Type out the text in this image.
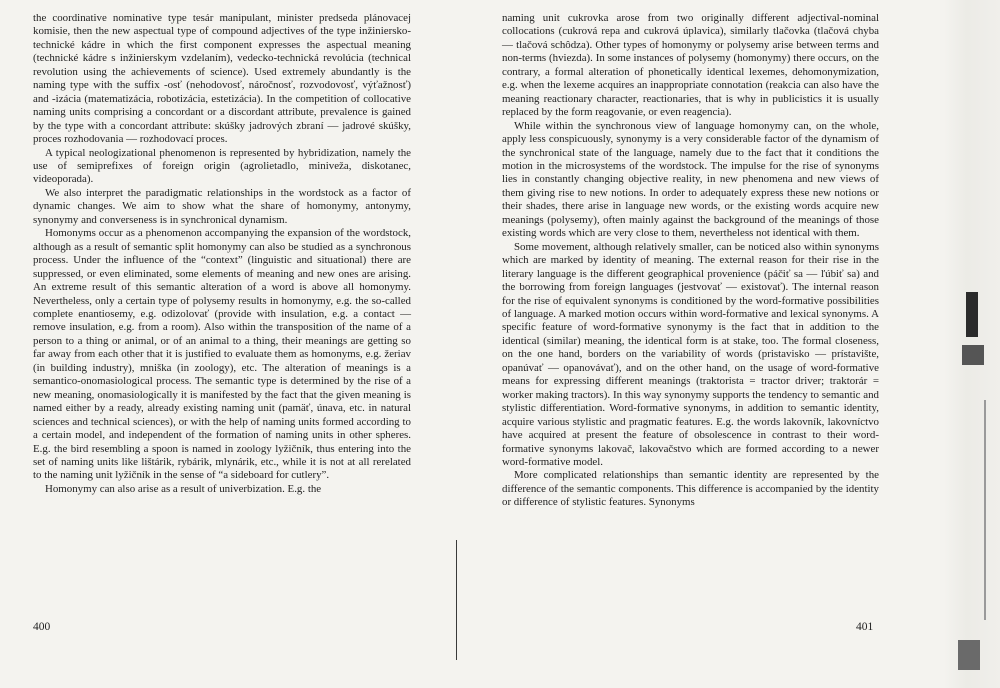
the coordinative nominative type tesár manipulant, minister predseda plánovacej komisie, then the new aspectual type of compound adjectives of the type inžiniersko-technické kádre in which the first component expresses the aspectual meaning (technické kádre s inžinierskym vzdelaním), vedecko-technická revolúcia (technical revolution using the achievements of science). Used extremely abundantly is the naming type with the suffix -osť (nehodovosť, náročnosť, rozvodovosť, výťažnosť) and -izácia (matematizácia, robotizácia, estetizácia). In the competition of collocative naming units comprising a concordant or a discordant attribute, prevalence is gained by the type with a concordant attribute: skúšky jadrových zbraní — jadrové skúšky, proces rozhodovania — rozhodovací proces.

A typical neologizational phenomenon is represented by hybridization, namely the use of semiprefixes of foreign origin (agrolietadlo, miniveža, diskotanec, videoporada).

We also interpret the paradigmatic relationships in the wordstock as a factor of dynamic changes. We aim to show what the share of homonymy, antonymy, synonymy and converseness is in synchronical dynamism.

Homonyms occur as a phenomenon accompanying the expansion of the wordstock, although as a result of semantic split homonymy can also be studied as a synchronous process. Under the influence of the “context” (linguistic and situational) there are suppressed, or even eliminated, some elements of meaning and new ones are arising. An extreme result of this semantic alteration of a word is above all homonymy. Nevertheless, only a certain type of polysemy results in homonymy, e.g. the so-called complete enantiosemy, e.g. odizolovať (provide with insulation, e.g. a contact — remove insulation, e.g. from a room). Also within the transposition of the name of a person to a thing or animal, or of an animal to a thing, their meanings are getting so far away from each other that it is justified to evaluate them as homonyms, e.g. žeriav (in building industry), mniška (in zoology), etc. The alteration of meanings is a semantico-onomasiological process. The semantic type is determined by the rise of a new meaning, onomasiologically it is manifested by the fact that the given meaning is named either by a ready, already existing naming unit (pamäť, únava, etc. in natural sciences and technical sciences), or with the help of naming units formed according to a certain model, and independent of the formation of naming units in other spheres. E.g. the bird resembling a spoon is named in zoology lyžičník, thus entering into the set of naming units like lištárik, rybárik, mlynárik, etc., while it is not at all rerelated to the naming unit lyžičník in the sense of “a sideboard for cutlery”.

Homonymy can also arise as a result of univerbization. E.g. the

400

naming unit cukrovka arose from two originally different adjectival-nominal collocations (cukrová repa and cukrová úplavica), similarly tlačovka (tlačová chyba — tlačová schôdza). Other types of homonymy or polysemy arise between terms and non-terms (hviezda). In some instances of polysemy (homonymy) there occurs, on the contrary, a formal alteration of phonetically identical lexemes, dehomonymization, e.g. when the lexeme acquires an inappropriate connotation (reakcia can also have the meaning reactionary character, reactionaries, that is why in publicistics it is usually replaced by the form reagovanie, or even reagencia).

While within the synchronous view of language homonymy can, on the whole, apply less conspicuously, synonymy is a very considerable factor of the dynamism of the synchronical state of the language, namely due to the fact that it conditions the motion in the microsystems of the wordstock. The impulse for the rise of synonyms lies in constantly changing objective reality, in new phenomena and new views of them giving rise to new notions. In order to adequately express these new notions or their shades, there arise in language new words, or the existing words acquire new meanings (polysemy), often mainly against the background of the meanings of those existing words which are very close to them, nevertheless not identical with them.

Some movement, although relatively smaller, can be noticed also within synonyms which are marked by identity of meaning. The external reason for their rise in the literary language is the different geographical provenience (páčiť sa — ľúbiť sa) and the borrowing from foreign languages (jestvovať — existovať). The internal reason for the rise of equivalent synonyms is conditioned by the word-formative possibilities of language. A marked motion occurs within word-formative and lexical synonyms. A specific feature of word-formative synonymy is the fact that in addition to the identical (similar) meaning, the identical form is at stake, too. The formal closeness, on the one hand, borders on the variability of words (pristavisko — prístavište, opanúvať — opanovávať), and on the other hand, on the usage of word-formative means for expressing different meanings (traktorista = tractor driver; traktorár = worker making tractors). In this way synonymy supports the tendency to semantic and stylistic differentiation. Word-formative synonyms, in addition to semantic identity, acquire various stylistic and pragmatic features. E.g. the words lakovník, lakovníctvo have acquired at present the feature of obsolescence in contrast to their word-formative synonyms lakovač, lakovačstvo which are formed according to a newer word-formative model.

More complicated relationships than semantic identity are represented by the difference of the semantic components. This difference is accompanied by the identity or difference of stylistic features. Synonyms

401
